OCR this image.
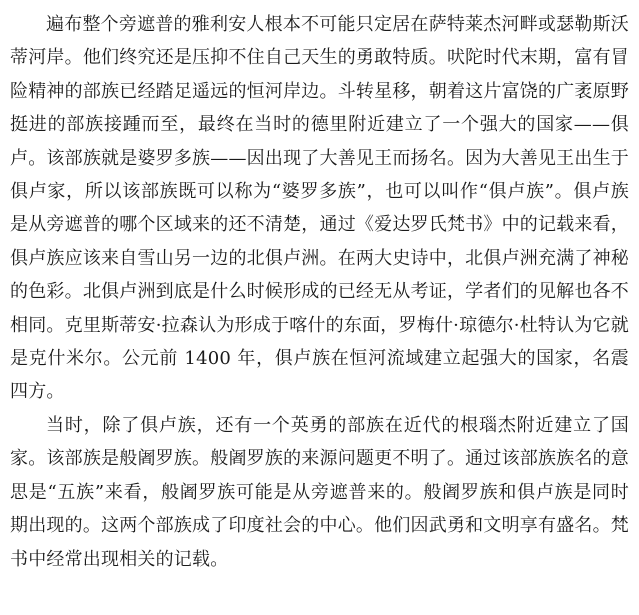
遍布整个旁遮普的雅利安人根本不可能只定居在萨特莱杰河畔或瑟勒斯沃蒂河岸。他们终究还是压抑不住自己天生的勇敢特质。吠陀时代末期，富有冒险精神的部族已经踏足遥远的恒河岸边。斗转星移，朝着这片富饶的广袤原野挺进的部族接踵而至，最终在当时的德里附近建立了一个强大的国家——俱卢。该部族就是婆罗多族——因出现了大善见王而扬名。因为大善见王出生于俱卢家，所以该部族既可以称为“婆罗多族”，也可以叫作“俱卢族”。俱卢族是从旁遮普的哪个区域来的还不清楚，通过《爱达罗氏梵书》中的记载来看，俱卢族应该来自雪山另一边的北俱卢洲。在两大史诗中，北俱卢洲充满了神秘的色彩。北俱卢洲到底是什么时候形成的已经无从考证，学者们的见解也各不相同。克里斯蒂安·拉森认为形成于喀什的东面，罗梅什·琼德尔·杜特认为它就是克什米尔。公元前 1400 年，俱卢族在恒河流域建立起强大的国家，名震四方。

当时，除了俱卢族，还有一个英勇的部族在近代的根瑙杰附近建立了国家。该部族是般阇罗族。般阇罗族的来源问题更不明了。通过该部族族名的意思是“五族”来看，般阇罗族可能是从旁遮普来的。般阇罗族和俱卢族是同时期出现的。这两个部族成了印度社会的中心。他们因武勇和文明享有盛名。梵书中经常出现相关的记载。
